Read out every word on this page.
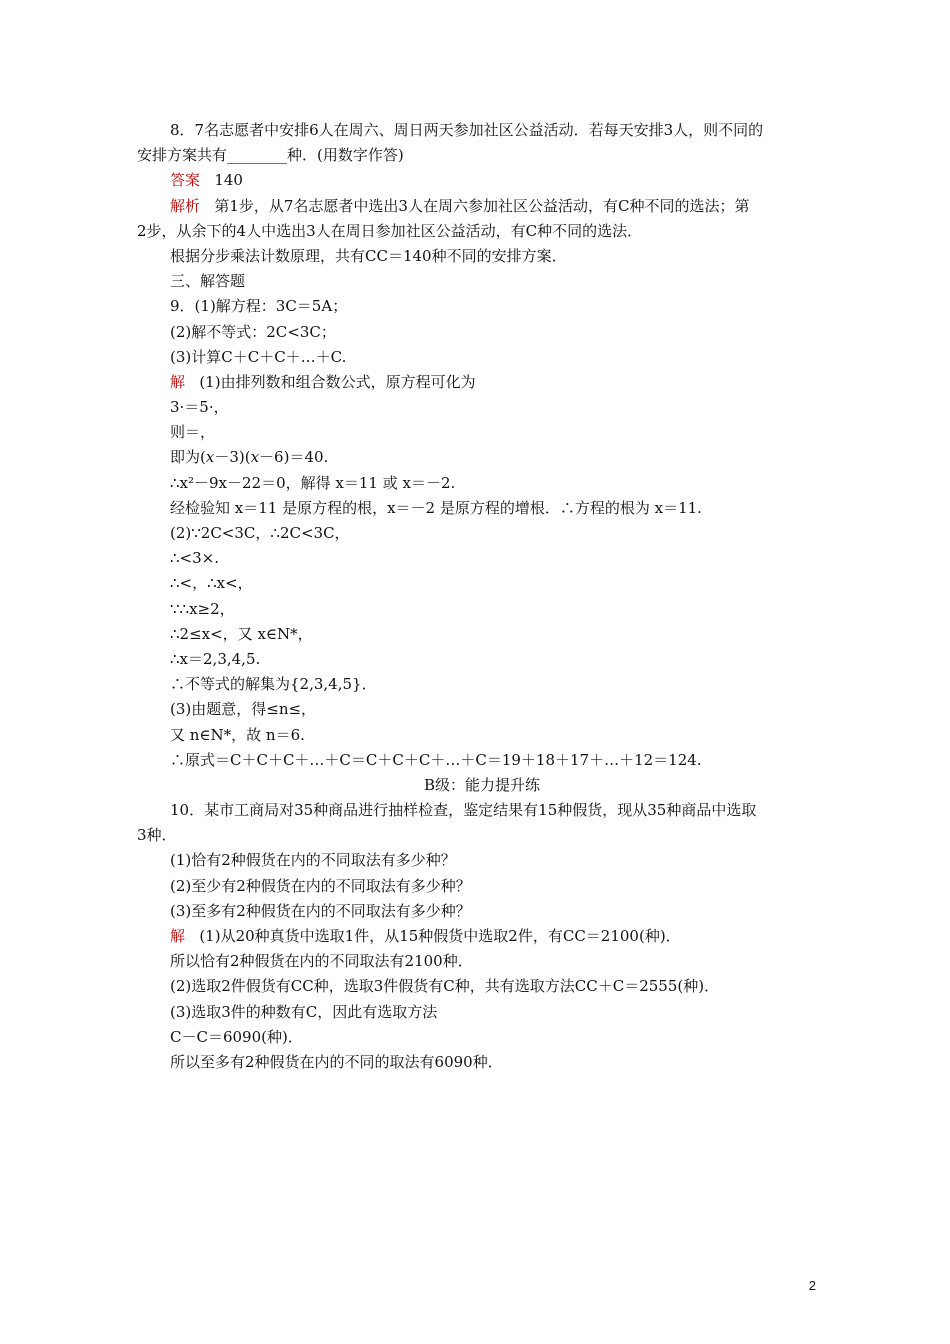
8．7名志愿者中安排6人在周六、周日两天参加社区公益活动．若每天安排3人，则不同的
安排方案共有________种．(用数字作答)
答案 140
解析 第1步，从7名志愿者中选出3人在周六参加社区公益活动，有C种不同的选法；第
2步，从余下的4人中选出3人在周日参加社区公益活动，有C种不同的选法．
根据分步乘法计数原理，共有CC＝140种不同的安排方案．
三、解答题
9．(1)解方程：3C＝5A；
(2)解不等式：2C<3C；
(3)计算C＋C＋C＋…＋C.
解 (1)由排列数和组合数公式，原方程可化为
3·＝5·，
则＝，
即为(x－3)(x－6)＝40.
∴x²－9x－22＝0，解得 x＝11 或 x＝－2.
经检验知 x＝11 是原方程的根，x＝－2 是原方程的增根．∴方程的根为 x＝11.
(2)∵2C<3C，∴2C<3C，
∴<3×.
∴<，∴x<，
∵∴x≥2，
∴2≤x<，又 x∈N*，
∴x＝2,3,4,5.
∴不等式的解集为{2,3,4,5}．
(3)由题意，得≤n≤，
又 n∈N*，故 n＝6.
∴原式＝C＋C＋C＋…＋C＝C＋C＋C＋…＋C＝19＋18＋17＋…＋12＝124.
B级：能力提升练
10．某市工商局对35种商品进行抽样检查，鉴定结果有15种假货，现从35种商品中选取
3种．
(1)恰有2种假货在内的不同取法有多少种？
(2)至少有2种假货在内的不同取法有多少种？
(3)至多有2种假货在内的不同取法有多少种？
解 (1)从20种真货中选取1件，从15种假货中选取2件，有CC＝2100(种)．
所以恰有2种假货在内的不同取法有2100种．
(2)选取2件假货有CC种，选取3件假货有C种，共有选取方法CC＋C＝2555(种)．
(3)选取3件的种数有C，因此有选取方法
C－C＝6090(种)．
所以至多有2种假货在内的不同的取法有6090种．
2
